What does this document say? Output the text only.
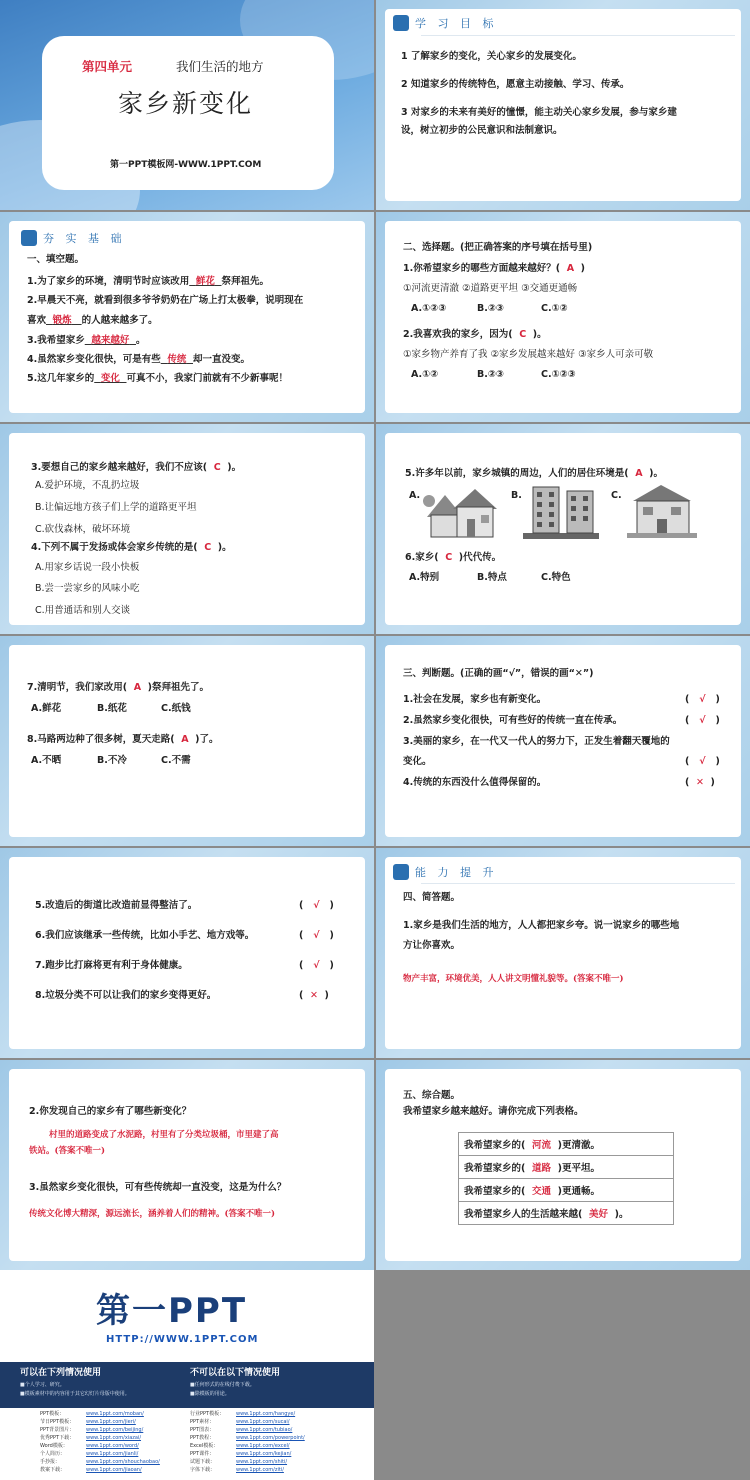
第四单元	我们生活的地方
家乡新变化
第一PPT模板网-WWW.1PPT.COM
学 习 目 标
1 了解家乡的变化，关心家乡的发展变化。
2 知道家乡的传统特色，愿意主动接触、学习、传承。
3 对家乡的未来有美好的憧憬，能主动关心家乡发展，参与家乡建
设，树立初步的公民意识和法制意识。
夯 实 基 础
一、填空题。
1.为了家乡的环境，清明节时应该改用 鲜花 祭拜祖先。
2.早晨天不亮，就看到很多爷爷奶奶在广场上打太极拳，说明现在
喜欢 锻炼 的人越来越多了。
3.我希望家乡 越来越好 。
4.虽然家乡变化很快，可是有些 传统 却一直没变。
5.这几年家乡的 变化 可真不小，我家门前就有不少新事呢！
二、选择题。(把正确答案的序号填在括号里)
1.你希望家乡的哪些方面越来越好？( A )
①河流更清澈 ②道路更平坦 ③交通更通畅
A.①②③	B.②③	C.①②
2.我喜欢我的家乡，因为( C )。
①家乡物产养育了我 ②家乡发展越来越好 ③家乡人可亲可敬
A.①②	B.②③	C.①②③
3.要想自己的家乡越来越好，我们不应该( C )。
A.爱护环境，不乱扔垃圾
B.让偏远地方孩子们上学的道路更平坦
C.砍伐森林，破坏环境
4.下列不属于发扬或体会家乡传统的是( C )。
A.用家乡话说一段小快板
B.尝一尝家乡的风味小吃
C.用普通话和别人交谈
5.许多年以前，家乡城镇的周边，人们的居住环境是( A )。
A.	B.	C.
6.家乡( C )代代传。
A.特别	B.特点	C.特色
7.清明节，我们家改用( A )祭拜祖先了。
A.鲜花	B.纸花	C.纸钱
8.马路两边种了很多树，夏天走路( A )了。
A.不晒	B.不冷	C.不需
三、判断题。(正确的画“√”，错误的画“✕”)
1.社会在发展，家乡也有新变化。	(   √   )
2.虽然家乡变化很快，可有些好的传统一直在传承。	(   √   )
3.美丽的家乡，在一代又一代人的努力下，正发生着翻天覆地的
变化。	(   √   )
4.传统的东西没什么值得保留的。	(  ✕  )
5.改造后的街道比改造前显得整洁了。	(   √   )
6.我们应该继承一些传统，比如小手艺、地方戏等。	(   √   )
7.跑步比打麻将更有利于身体健康。	(   √   )
8.垃圾分类不可以让我们的家乡变得更好。	(  ✕  )
能 力 提 升
四、简答题。
1.家乡是我们生活的地方，人人都把家乡夸。说一说家乡的哪些地
方让你喜欢。
物产丰富，环境优美，人人讲文明懂礼貌等。(答案不唯一)
2.你发现自己的家乡有了哪些新变化？
村里的道路变成了水泥路，村里有了分类垃圾桶，市里建了高
铁站。(答案不唯一)
3.虽然家乡变化很快，可有些传统却一直没变，这是为什么？
传统文化博大精深，源远流长，涵养着人们的精神。(答案不唯一)
五、综合题。
我希望家乡越来越好。请你完成下列表格。
我希望家乡的( 河流 )更清澈。
我希望家乡的( 道路 )更平坦。
我希望家乡的( 交通 )更通畅。
我希望家乡人的生活越来越( 美好 )。
第一PPT
HTTP://WWW.1PPT.COM
可以在下列情况使用
■个人学习、研究。
■模板素材中的内容用于其它幻灯片母版中使用。
不可以在以下情况使用
■任何形式的在线付费下载。
■除模板的用途。
PPT模板：	www.1ppt.com/moban/
节日PPT模板： www.1ppt.com/jieri/
PPT背景图片： www.1ppt.com/beijing/
优秀PPT下载： www.1ppt.com/xiazai/
Word模板：	www.1ppt.com/word/
个人简历：	www.1ppt.com/jianli/
手抄报：	www.1ppt.com/shouchaobao/
教案下载：	www.1ppt.com/jiaoan/
行业PPT模板： www.1ppt.com/hangye/
PPT素材：	www.1ppt.com/sucai/
PPT图表：	www.1ppt.com/tubiao/
PPT教程：	www.1ppt.com/powerpoint/
Excel模板：	www.1ppt.com/excel/
PPT课件：	www.1ppt.com/kejian/
试题下载：	www.1ppt.com/shiti/
字体下载：	www.1ppt.com/ziti/
